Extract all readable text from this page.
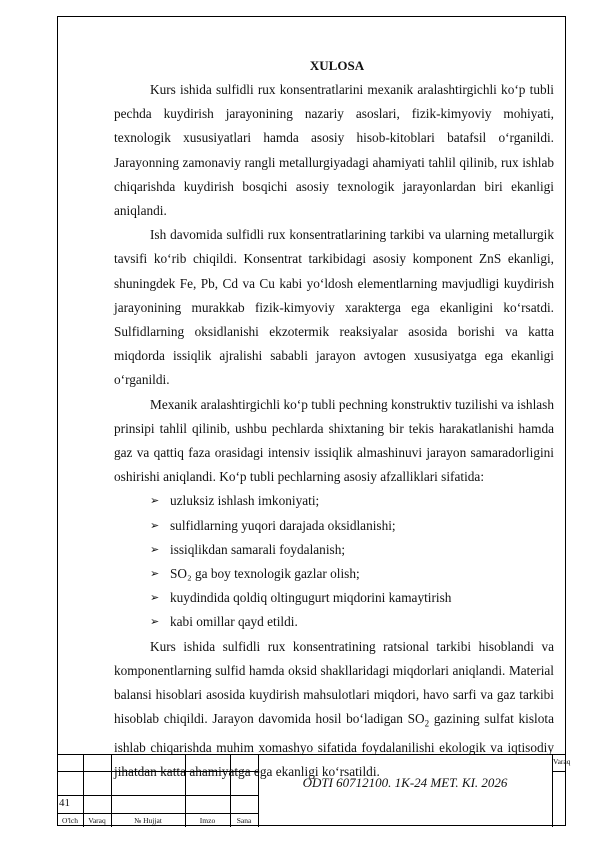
XULOSA

Kurs ishida sulfidli rux konsentratlarini mexanik aralashtirgichli ko‘p tubli pechda kuydirish jarayonining nazariy asoslari, fizik-kimyoviy mohiyati, texnologik xususiyatlari hamda asosiy hisob-kitoblari batafsil o‘rganildi. Jarayonning zamonaviy rangli metallurgiyadagi ahamiyati tahlil qilinib, rux ishlab chiqarishda kuydirish bosqichi asosiy texnologik jarayonlardan biri ekanligi aniqlandi.

Ish davomida sulfidli rux konsentratlarining tarkibi va ularning metallurgik tavsifi ko‘rib chiqildi. Konsentrat tarkibidagi asosiy komponent ZnS ekanligi, shuningdek Fe, Pb, Cd va Cu kabi yo‘ldosh elementlarning mavjudligi kuydirish jarayonining murakkab fizik-kimyoviy xarakterga ega ekanligini ko‘rsatdi. Sulfidlarning oksidlanishi ekzotermik reaksiyalar asosida borishi va katta miqdorda issiqlik ajralishi sababli jarayon avtogen xususiyatga ega ekanligi o‘rganildi.

Mexanik aralashtirgichli ko‘p tubli pechning konstruktiv tuzilishi va ishlash prinsipi tahlil qilinib, ushbu pechlarda shixtaning bir tekis harakatlanishi hamda gaz va qattiq faza orasidagi intensiv issiqlik almashinuvi jarayon samaradorligini oshirishi aniqlandi. Ko‘p tubli pechlarning asosiy afzalliklari sifatida:

➢ uzluksiz ishlash imkoniyati;
➢ sulfidlarning yuqori darajada oksidlanishi;
➢ issiqlikdan samarali foydalanish;
➢ SO₂ ga boy texnologik gazlar olish;
➢ kuydindida qoldiq oltingugurt miqdorini kamaytirish
➢ kabi omillar qayd etildi.

Kurs ishida sulfidli rux konsentratining ratsional tarkibi hisoblandi va komponentlarning sulfid hamda oksid shakllaridagi miqdorlari aniqlandi. Material balansi hisoblari asosida kuydirish mahsulotlari miqdori, havo sarfi va gaz tarkibi hisoblab chiqildi. Jarayon davomida hosil bo‘ladigan $SO_2$ gazining sulfat kislota ishlab chiqarishda muhim xomashyo sifatida foydalanilishi ekologik va iqtisodiy jihatdan katta ahamiyatga ega ekanligi ko‘rsatildi.

41
ODTI 60712100. 1K-24 MET. KI. 2026
Varaq
O'lch	Varaq	№ Hujjat	Imzo	Sana
